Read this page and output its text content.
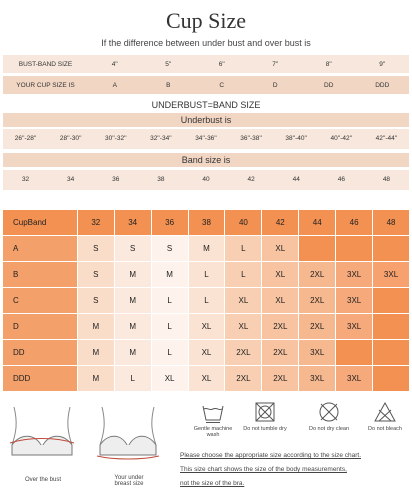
Cup Size
If the difference between under bust and over bust is
BUST-BAND SIZE	4''	5''	6''	7''	8''	9''
YOUR CUP SIZE IS	A	B	C	D	DD	DDD
UNDERBUST=BAND SIZE
Underbust is
26''-28''	28''-30''	30''-32''	32''-34''	34''-36''	36''-38''	38''-40''	40''-42''	42''-44''
Band size is
32	34	36	38	40	42	44	46	48
CupBand	32	34	36	38	40	42	44	46	48
A	S	S	S	M	L	XL
B	S	M	M	L	L	XL	2XL	3XL	3XL
C	S	M	L	L	XL	XL	2XL	3XL
D	M	M	L	XL	XL	2XL	2XL	3XL
DD	M	M	L	XL	2XL	2XL	3XL
DDD	M	L	XL	XL	2XL	2XL	3XL	3XL
Over the bust	Your under
breast size
Gentle machine wash
Do not tumble dry	Do not dry clean	Do not bleach
Please choose the appropriate size according to the size chart.
This size chart shows the size of the body measurements,
not the size of the bra.
